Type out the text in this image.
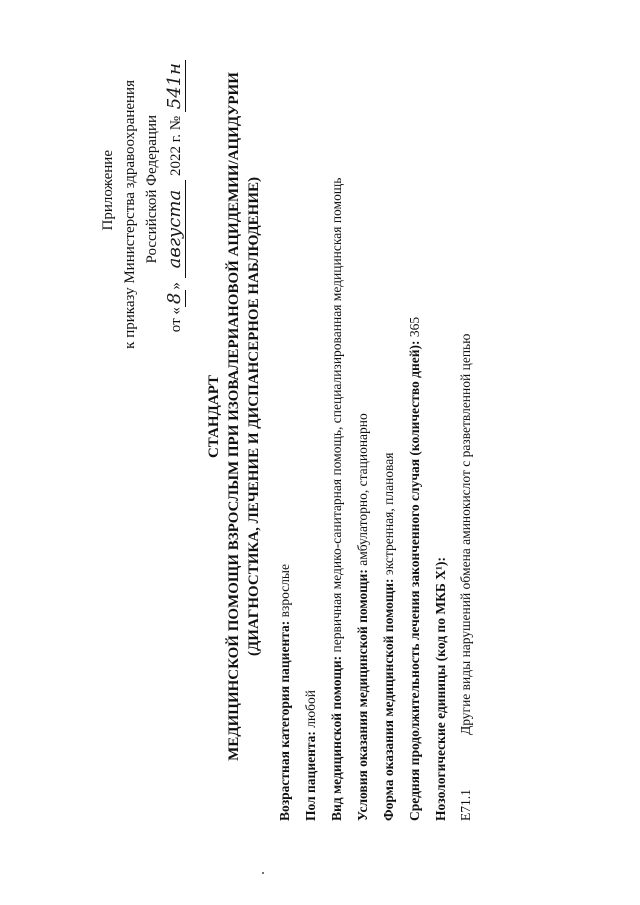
Приложение к приказу Министерства здравоохранения Российской Федерации
от «8» августа 2022 г. № 541н
СТАНДАРТ МЕДИЦИНСКОЙ ПОМОЩИ ВЗРОСЛЫМ ПРИ ИЗОВАЛЕРИАНОВОЙ АЦИДЕМИИ/АЦИДУРИИ (ДИАГНОСТИКА, ЛЕЧЕНИЕ И ДИСПАНСЕРНОЕ НАБЛЮДЕНИЕ)
Возрастная категория пациента: взрослые
Пол пациента: любой Вид медицинской помощи: первичная медико-санитарная помощь, специализированная медицинская помощь
Условия оказания медицинской помощи: амбулаторно, стационарно
Форма оказания медицинской помощи: экстренная, плановая Средняя продолжительность лечения законченного случая (количество дней): 365
Нозологические единицы (код по МКБ X¹): E71.1
Другие виды нарушений обмена аминокислот с разветвленной цепью
